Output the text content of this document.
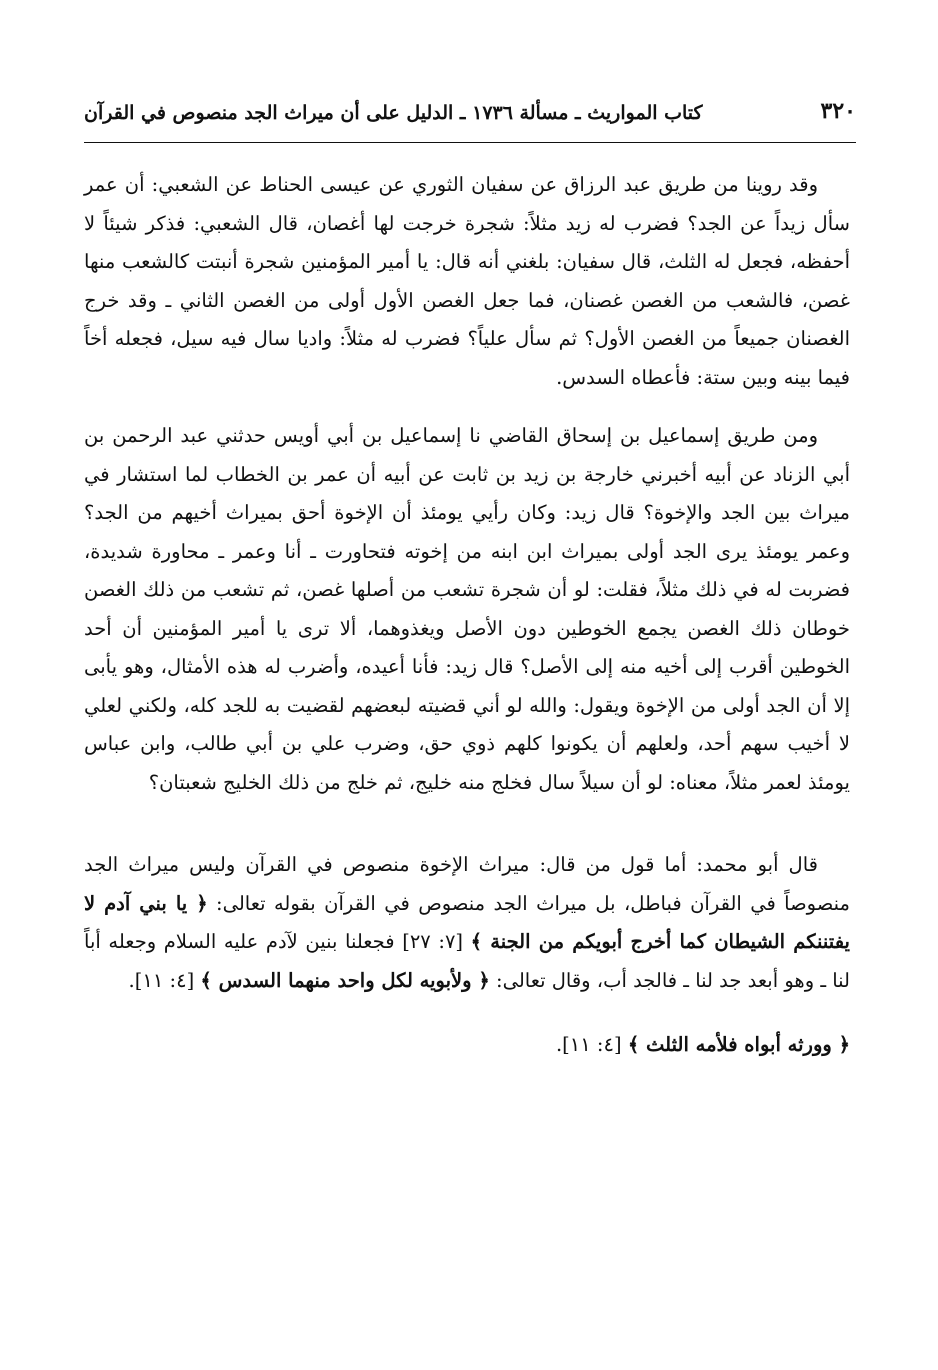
٣٢٠
كتاب المواريث ـ مسألة ١٧٣٦ ـ الدليل على أن ميراث الجد منصوص في القرآن

وقد روينا من طريق عبد الرزاق عن سفيان الثوري عن عيسى الحناط عن الشعبي: أن عمر سأل زيداً عن الجد؟ فضرب له زيد مثلاً: شجرة خرجت لها أغصان، قال الشعبي: فذكر شيئاً لا أحفظه، فجعل له الثلث، قال سفيان: بلغني أنه قال: يا أمير المؤمنين شجرة أنبتت كالشعب منها غصن، فالشعب من الغصن غصنان، فما جعل الغصن الأول أولى من الغصن الثاني ـ وقد خرج الغصنان جميعاً من الغصن الأول؟ ثم سأل علياً؟ فضرب له مثلاً: واديا سال فيه سيل، فجعله أخاً فيما بينه وبين ستة: فأعطاه السدس.

ومن طريق إسماعيل بن إسحاق القاضي نا إسماعيل بن أبي أويس حدثني عبد الرحمن بن أبي الزناد عن أبيه أخبرني خارجة بن زيد بن ثابت عن أبيه أن عمر بن الخطاب لما استشار في ميراث بين الجد والإخوة؟ قال زيد: وكان رأيي يومئذ أن الإخوة أحق بميراث أخيهم من الجد؟ وعمر يومئذ يرى الجد أولى بميراث ابن ابنه من إخوته فتحاورت ـ أنا وعمر ـ محاورة شديدة، فضربت له في ذلك مثلاً، فقلت: لو أن شجرة تشعب من أصلها غصن، ثم تشعب من ذلك الغصن خوطان ذلك الغصن يجمع الخوطين دون الأصل ويغذوهما، ألا ترى يا أمير المؤمنين أن أحد الخوطين أقرب إلى أخيه منه إلى الأصل؟ قال زيد: فأنا أعيده، وأضرب له هذه الأمثال، وهو يأبى إلا أن الجد أولى من الإخوة ويقول: والله لو أني قضيته لبعضهم لقضيت به للجد كله، ولكني لعلي لا أخيب سهم أحد، ولعلهم أن يكونوا كلهم ذوي حق، وضرب علي بن أبي طالب، وابن عباس يومئذ لعمر مثلاً، معناه: لو أن سيلاً سال فخلج منه خليج، ثم خلج من ذلك الخليج شعبتان؟

قال أبو محمد: أما قول من قال: ميراث الإخوة منصوص في القرآن وليس ميراث الجد منصوصاً في القرآن فباطل، بل ميراث الجد منصوص في القرآن بقوله تعالى: ﴿ يا بني آدم لا يفتننكم الشيطان كما أخرج أبويكم من الجنة ﴾ [٧: ٢٧] فجعلنا بنين لآدم عليه السلام وجعله أباً لنا ـ وهو أبعد جد لنا ـ فالجد أب، وقال تعالى: ﴿ ولأبويه لكل واحد منهما السدس ﴾ [٤: ١١].

﴿ وورثه أبواه فلأمه الثلث ﴾ [٤: ١١].
